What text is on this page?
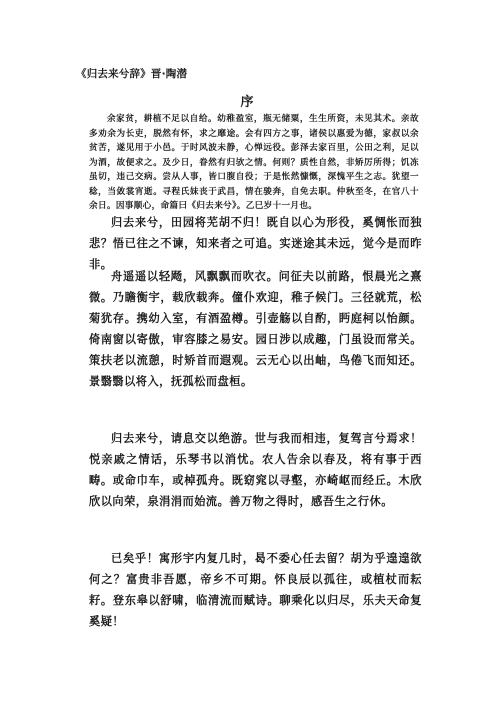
《归去来兮辞》晋·陶潜
序

余家贫，耕植不足以自给。幼稚盈室，瓶无储粟，生生所资，未见其术。亲故多劝余为长吏，脱然有怀，求之靡途。会有四方之事，诸侯以惠爱为德，家叔以余贫苦，遂见用于小邑。于时风波未静，心惮远役。彭泽去家百里，公田之利，足以为酒，故便求之。及少日，眷然有归欤之情。何则？质性自然，非矫厉所得；饥冻虽切，违己交病。尝从人事，皆口腹自役；于是怅然慷慨，深愧平生之志。犹望一稔，当敛裳宵逝。寻程氏妹丧于武昌，情在骏奔，自免去职。仲秋至冬，在官八十余日。因事顺心，命篇曰《归去来兮》。乙巳岁十一月也。

归去来兮，田园将芜胡不归！既自以心为形役，奚惆怅而独悲？悟已往之不谏，知来者之可追。实迷途其未远，觉今是而昨非。

舟遥遥以轻飏，风飘飘而吹衣。问征夫以前路，恨晨光之熹微。乃瞻衡宇，载欣载奔。僮仆欢迎，稚子候门。三径就荒，松菊犹存。携幼入室，有酒盈樽。引壶觞以自酌，眄庭柯以怡颜。倚南窗以寄傲，审容膝之易安。园日涉以成趣，门虽设而常关。策扶老以流憩，时矫首而遐观。云无心以出岫，鸟倦飞而知还。景翳翳以将入，抚孤松而盘桓。

归去来兮，请息交以绝游。世与我而相违，复驾言兮焉求！悦亲戚之情话，乐琴书以消忧。农人告余以春及，将有事于西畴。或命巾车，或棹孤舟。既窈窕以寻壑，亦崎岖而经丘。木欣欣以向荣，泉涓涓而始流。善万物之得时，感吾生之行休。

已矣乎！寓形宇内复几时，曷不委心任去留？胡为乎遑遑欲何之？富贵非吾愿，帝乡不可期。怀良辰以孤往，或植杖而耘耔。登东皋以舒啸，临清流而赋诗。聊乘化以归尽，乐夫天命复奚疑！
